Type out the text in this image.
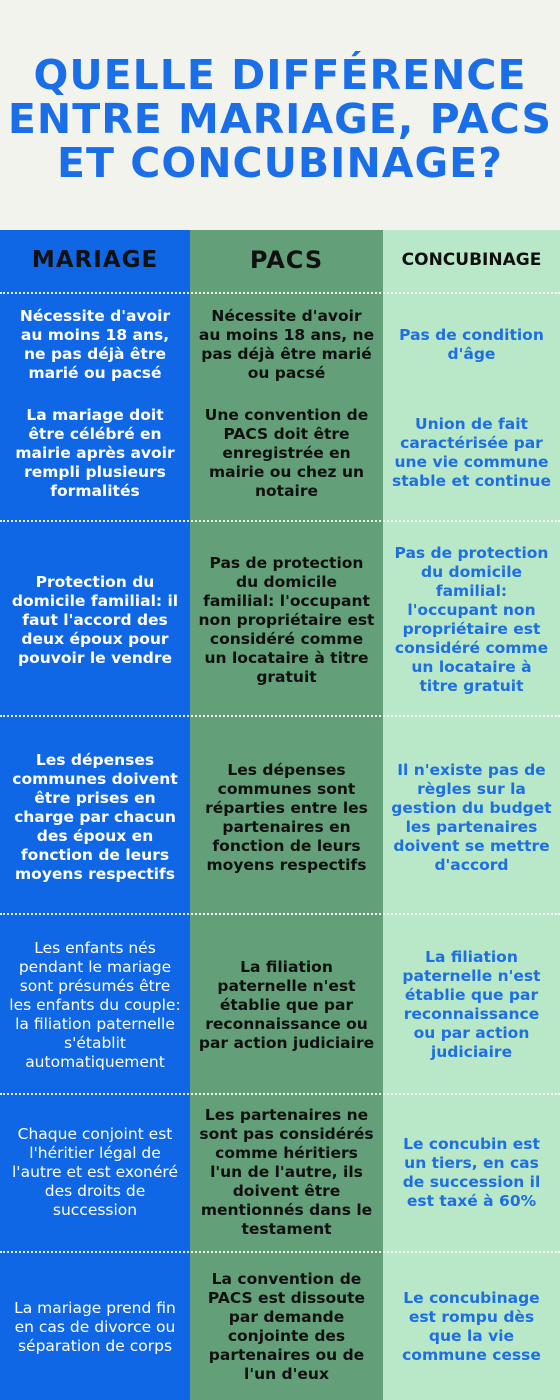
QUELLE DIFFÉRENCE ENTRE MARIAGE, PACS ET CONCUBINAGE?
MARIAGE	PACS	CONCUBINAGE
Nécessite d'avoir au moins 18 ans, ne pas déjà être marié ou pacsé
Nécessite d'avoir au moins 18 ans, ne pas déjà être marié ou pacsé
Pas de condition d'âge
La mariage doit être célébré en mairie après avoir rempli plusieurs formalités
Une convention de PACS doit être enregistrée en mairie ou chez un notaire
Union de fait caractérisée par une vie commune stable et continue
Protection du domicile familial: il faut l'accord des deux époux pour pouvoir le vendre
Pas de protection du domicile familial: l'occupant non propriétaire est considéré comme un locataire à titre gratuit
Pas de protection du domicile familial: l'occupant non propriétaire est considéré comme un locataire à titre gratuit
Les dépenses communes doivent être prises en charge par chacun des époux en fonction de leurs moyens respectifs
Les dépenses communes sont réparties entre les partenaires en fonction de leurs moyens respectifs
Il n'existe pas de règles sur la gestion du budget les partenaires doivent se mettre d'accord
Les enfants nés pendant le mariage sont présumés être les enfants du couple: la filiation paternelle s'établit automatiquement
La filiation paternelle n'est établie que par reconnaissance ou par action judiciaire
La filiation paternelle n'est établie que par reconnaissance ou par action judiciaire
Chaque conjoint est l'héritier légal de l'autre et est exonéré des droits de succession
Les partenaires ne sont pas considérés comme héritiers l'un de l'autre, ils doivent être mentionnés dans le testament
Le concubin est un tiers, en cas de succession il est taxé à 60%
La mariage prend fin en cas de divorce ou séparation de corps
La convention de PACS est dissoute par demande conjointe des partenaires ou de l'un d'eux
Le concubinage est rompu dès que la vie commune cesse
